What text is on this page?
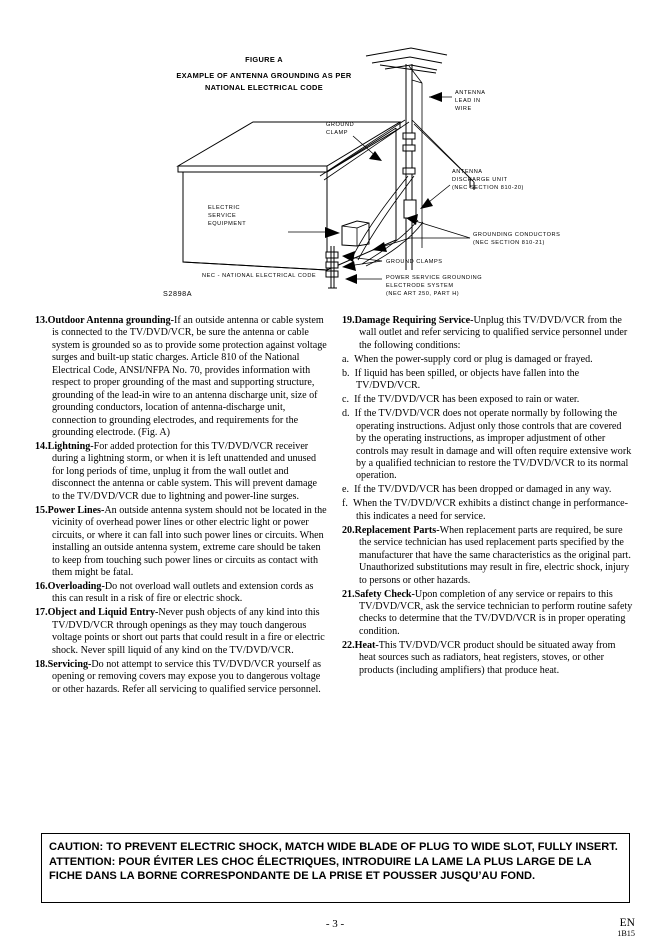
FIGURE A
EXAMPLE OF ANTENNA GROUNDING AS PER
NATIONAL ELECTRICAL CODE
ANTENNA
LEAD IN
WIRE
GROUND
CLAMP
ANTENNA
DISCHARGE UNIT
(NEC SECTION 810-20)
ELECTRIC
SERVICE
EQUIPMENT
GROUNDING CONDUCTORS
(NEC SECTION 810-21)
GROUND CLAMPS
POWER SERVICE GROUNDING
ELECTRODE SYSTEM
(NEC ART 250, PART H)
NEC - NATIONAL ELECTRICAL CODE
S2898A
13.Outdoor Antenna grounding-If an outside antenna or cable system is connected to the TV/DVD/VCR, be sure the antenna or cable system is grounded so as to provide some protection against voltage surges and built-up static charges. Article 810 of the National Electrical Code, ANSI/NFPA No. 70, provides information with respect to proper grounding of the mast and supporting structure, grounding of the lead-in wire to an antenna discharge unit, size of grounding conductors, location of antenna-discharge unit, connection to grounding electrodes, and requirements for the grounding electrode. (Fig. A)
14.Lightning-For added protection for this TV/DVD/VCR receiver during a lightning storm, or when it is left unattended and unused for long periods of time, unplug it from the wall outlet and disconnect the antenna or cable system. This will prevent damage to the TV/DVD/VCR due to lightning and power-line surges.
15.Power Lines-An outside antenna system should not be located in the vicinity of overhead power lines or other electric light or power circuits, or where it can fall into such power lines or circuits. When installing an outside antenna system, extreme care should be taken to keep from touching such power lines or circuits as contact with them might be fatal.
16.Overloading-Do not overload wall outlets and extension cords as this can result in a risk of fire or electric shock.
17.Object and Liquid Entry-Never push objects of any kind into this TV/DVD/VCR through openings as they may touch dangerous voltage points or short out parts that could result in a fire or electric shock. Never spill liquid of any kind on the TV/DVD/VCR.
18.Servicing-Do not attempt to service this TV/DVD/VCR yourself as opening or removing covers may expose you to dangerous voltage or other hazards. Refer all servicing to qualified service personnel.
19.Damage Requiring Service-Unplug this TV/DVD/VCR from the wall outlet and refer servicing to qualified service personnel under the following conditions:
a. When the power-supply cord or plug is damaged or frayed.
b. If liquid has been spilled, or objects have fallen into the TV/DVD/VCR.
c. If the TV/DVD/VCR has been exposed to rain or water.
d. If the TV/DVD/VCR does not operate normally by following the operating instructions. Adjust only those controls that are covered by the operating instructions, as improper adjustment of other controls may result in damage and will often require extensive work by a qualified technician to restore the TV/DVD/VCR to its normal operation.
e. If the TV/DVD/VCR has been dropped or damaged in any way.
f. When the TV/DVD/VCR exhibits a distinct change in performance-this indicates a need for service.
20.Replacement Parts-When replacement parts are required, be sure the service technician has used replacement parts specified by the manufacturer that have the same characteristics as the original part. Unauthorized substitutions may result in fire, electric shock, injury to persons or other hazards.
21.Safety Check-Upon completion of any service or repairs to this TV/DVD/VCR, ask the service technician to perform routine safety checks to determine that the TV/DVD/VCR is in proper operating condition.
22.Heat-This TV/DVD/VCR product should be situated away from heat sources such as radiators, heat registers, stoves, or other products (including amplifiers) that produce heat.

CAUTION: TO PREVENT ELECTRIC SHOCK, MATCH WIDE BLADE OF PLUG TO WIDE SLOT, FULLY INSERT.

ATTENTION: POUR ÉVITER LES CHOC ÉLECTRIQUES, INTRODUIRE LA LAME LA PLUS LARGE DE LA FICHE DANS LA BORNE CORRESPONDANTE DE LA PRISE ET POUSSER JUSQU’AU FOND.

- 3 -	EN
1B15
